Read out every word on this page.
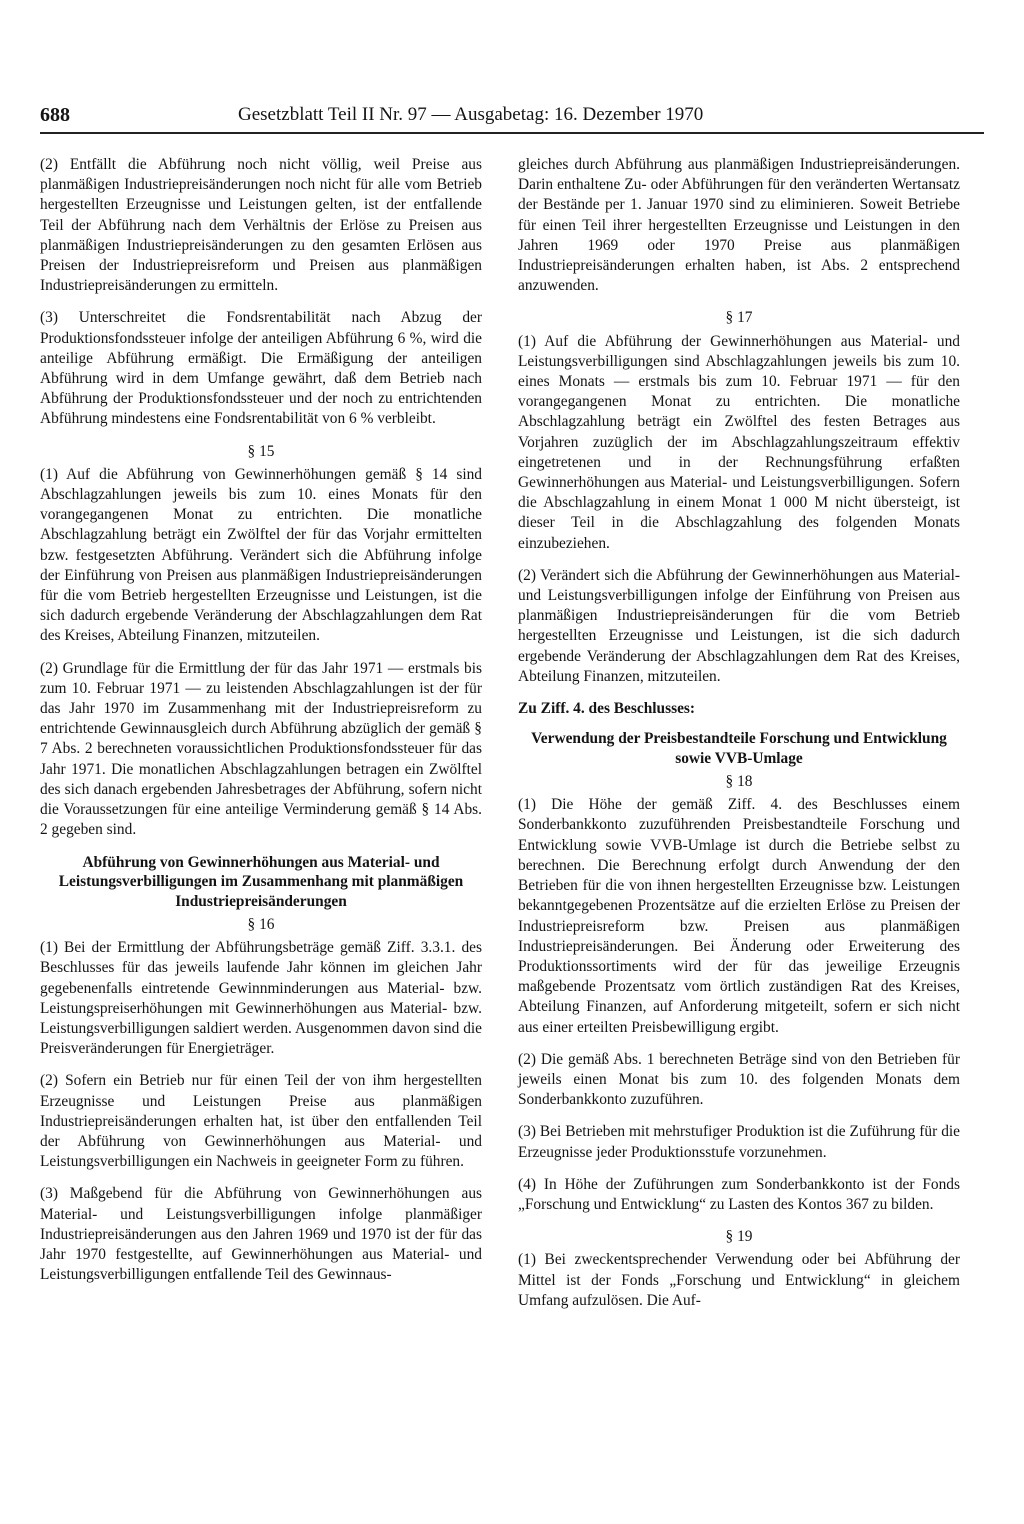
688	Gesetzblatt Teil II Nr. 97 — Ausgabetag: 16. Dezember 1970

(2) Entfällt die Abführung noch nicht völlig, weil Preise aus planmäßigen Industriepreisänderungen noch nicht für alle vom Betrieb hergestellten Erzeugnisse und Leistungen gelten, ist der entfallende Teil der Abführung nach dem Verhältnis der Erlöse zu Preisen aus planmäßigen Industriepreisänderungen zu den gesamten Erlösen aus Preisen der Industriepreisreform und Preisen aus planmäßigen Industriepreisänderungen zu ermitteln.

(3) Unterschreitet die Fondsrentabilität nach Abzug der Produktionsfondssteuer infolge der anteiligen Abführung 6 %, wird die anteilige Abführung ermäßigt. Die Ermäßigung der anteiligen Abführung wird in dem Umfange gewährt, daß dem Betrieb nach Abführung der Produktionsfondssteuer und der noch zu entrichtenden Abführung mindestens eine Fondsrentabilität von 6 % verbleibt.

§ 15

(1) Auf die Abführung von Gewinnerhöhungen gemäß § 14 sind Abschlagzahlungen jeweils bis zum 10. eines Monats für den vorangegangenen Monat zu entrichten. Die monatliche Abschlagzahlung beträgt ein Zwölftel der für das Vorjahr ermittelten bzw. festgesetzten Abführung. Verändert sich die Abführung infolge der Einführung von Preisen aus planmäßigen Industriepreisänderungen für die vom Betrieb hergestellten Erzeugnisse und Leistungen, ist die sich dadurch ergebende Veränderung der Abschlagzahlungen dem Rat des Kreises, Abteilung Finanzen, mitzuteilen.

(2) Grundlage für die Ermittlung der für das Jahr 1971 — erstmals bis zum 10. Februar 1971 — zu leistenden Abschlagzahlungen ist der für das Jahr 1970 im Zusammenhang mit der Industriepreisreform zu entrichtende Gewinnausgleich durch Abführung abzüglich der gemäß § 7 Abs. 2 berechneten voraussichtlichen Produktionsfondssteuer für das Jahr 1971. Die monatlichen Abschlagzahlungen betragen ein Zwölftel des sich danach ergebenden Jahresbetrages der Abführung, sofern nicht die Voraussetzungen für eine anteilige Verminderung gemäß § 14 Abs. 2 gegeben sind.

Abführung von Gewinnerhöhungen aus Material- und Leistungsverbilligungen im Zusammenhang mit planmäßigen Industriepreisänderungen

§ 16

(1) Bei der Ermittlung der Abführungsbeträge gemäß Ziff. 3.3.1. des Beschlusses für das jeweils laufende Jahr können im gleichen Jahr gegebenenfalls eintretende Gewinnminderungen aus Material- bzw. Leistungspreiserhöhungen mit Gewinnerhöhungen aus Material- bzw. Leistungsverbilligungen saldiert werden. Ausgenommen davon sind die Preisveränderungen für Energieträger.

(2) Sofern ein Betrieb nur für einen Teil der von ihm hergestellten Erzeugnisse und Leistungen Preise aus planmäßigen Industriepreisänderungen erhalten hat, ist über den entfallenden Teil der Abführung von Gewinnerhöhungen aus Material- und Leistungsverbilligungen ein Nachweis in geeigneter Form zu führen.

(3) Maßgebend für die Abführung von Gewinnerhöhungen aus Material- und Leistungsverbilligungen infolge planmäßiger Industriepreisänderungen aus den Jahren 1969 und 1970 ist der für das Jahr 1970 festgestellte, auf Gewinnerhöhungen aus Material- und Leistungsverbilligungen entfallende Teil des Gewinnaus-

gleiches durch Abführung aus planmäßigen Industriepreisänderungen. Darin enthaltene Zu- oder Abführungen für den veränderten Wertansatz der Bestände per 1. Januar 1970 sind zu eliminieren. Soweit Betriebe für einen Teil ihrer hergestellten Erzeugnisse und Leistungen in den Jahren 1969 oder 1970 Preise aus planmäßigen Industriepreisänderungen erhalten haben, ist Abs. 2 entsprechend anzuwenden.

§ 17

(1) Auf die Abführung der Gewinnerhöhungen aus Material- und Leistungsverbilligungen sind Abschlagzahlungen jeweils bis zum 10. eines Monats — erstmals bis zum 10. Februar 1971 — für den vorangegangenen Monat zu entrichten. Die monatliche Abschlagzahlung beträgt ein Zwölftel des festen Betrages aus Vorjahren zuzüglich der im Abschlagzahlungszeitraum effektiv eingetretenen und in der Rechnungsführung erfaßten Gewinnerhöhungen aus Material- und Leistungsverbilligungen. Sofern die Abschlagzahlung in einem Monat 1 000 M nicht übersteigt, ist dieser Teil in die Abschlagzahlung des folgenden Monats einzubeziehen.

(2) Verändert sich die Abführung der Gewinnerhöhungen aus Material- und Leistungsverbilligungen infolge der Einführung von Preisen aus planmäßigen Industriepreisänderungen für die vom Betrieb hergestellten Erzeugnisse und Leistungen, ist die sich dadurch ergebende Veränderung der Abschlagzahlungen dem Rat des Kreises, Abteilung Finanzen, mitzuteilen.

Zu Ziff. 4. des Beschlusses:

Verwendung der Preisbestandteile Forschung und Entwicklung sowie VVB-Umlage

§ 18

(1) Die Höhe der gemäß Ziff. 4. des Beschlusses einem Sonderbankkonto zuzuführenden Preisbestandteile Forschung und Entwicklung sowie VVB-Umlage ist durch die Betriebe selbst zu berechnen. Die Berechnung erfolgt durch Anwendung der den Betrieben für die von ihnen hergestellten Erzeugnisse bzw. Leistungen bekanntgegebenen Prozentsätze auf die erzielten Erlöse zu Preisen der Industriepreisreform bzw. Preisen aus planmäßigen Industriepreisänderungen. Bei Änderung oder Erweiterung des Produktionssortiments wird der für das jeweilige Erzeugnis maßgebende Prozentsatz vom örtlich zuständigen Rat des Kreises, Abteilung Finanzen, auf Anforderung mitgeteilt, sofern er sich nicht aus einer erteilten Preisbewilligung ergibt.

(2) Die gemäß Abs. 1 berechneten Beträge sind von den Betrieben für jeweils einen Monat bis zum 10. des folgenden Monats dem Sonderbankkonto zuzuführen.

(3) Bei Betrieben mit mehrstufiger Produktion ist die Zuführung für die Erzeugnisse jeder Produktionsstufe vorzunehmen.

(4) In Höhe der Zuführungen zum Sonderbankkonto ist der Fonds „Forschung und Entwicklung“ zu Lasten des Kontos 367 zu bilden.

§ 19

(1) Bei zweckentsprechender Verwendung oder bei Abführung der Mittel ist der Fonds „Forschung und Entwicklung“ in gleichem Umfang aufzulösen. Die Auf-
